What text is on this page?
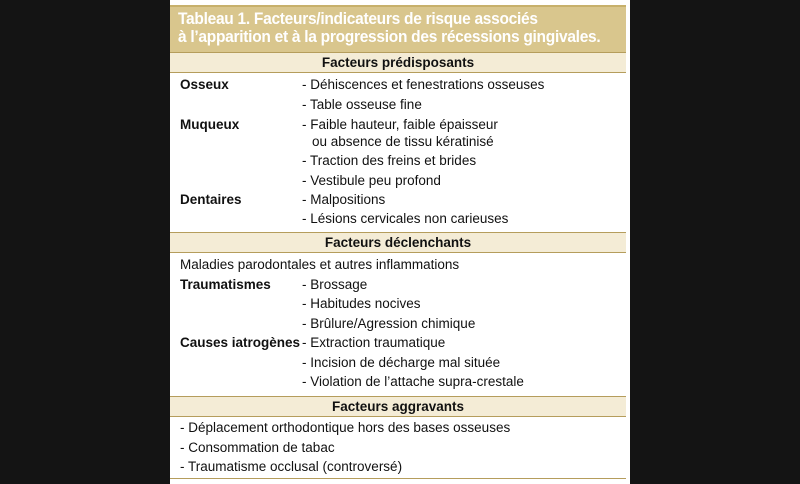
Tableau 1. Facteurs/indicateurs de risque associés
à l’apparition et à la progression des récessions gingivales.
Facteurs prédisposants
Osseux	- Déhiscences et fenestrations osseuses
- Table osseuse fine
Muqueux	- Faible hauteur, faible épaisseur
ou absence de tissu kératinisé
- Traction des freins et brides
- Vestibule peu profond
Dentaires	- Malpositions
- Lésions cervicales non carieuses
Facteurs déclenchants
Maladies parodontales et autres inflammations
Traumatismes - Brossage
- Habitudes nocives
- Brûlure/Agression chimique
Causes iatrogènes - Extraction traumatique
- Incision de décharge mal située
- Violation de l’attache supra-crestale
Facteurs aggravants
- Déplacement orthodontique hors des bases osseuses
- Consommation de tabac
- Traumatisme occlusal (controversé)
